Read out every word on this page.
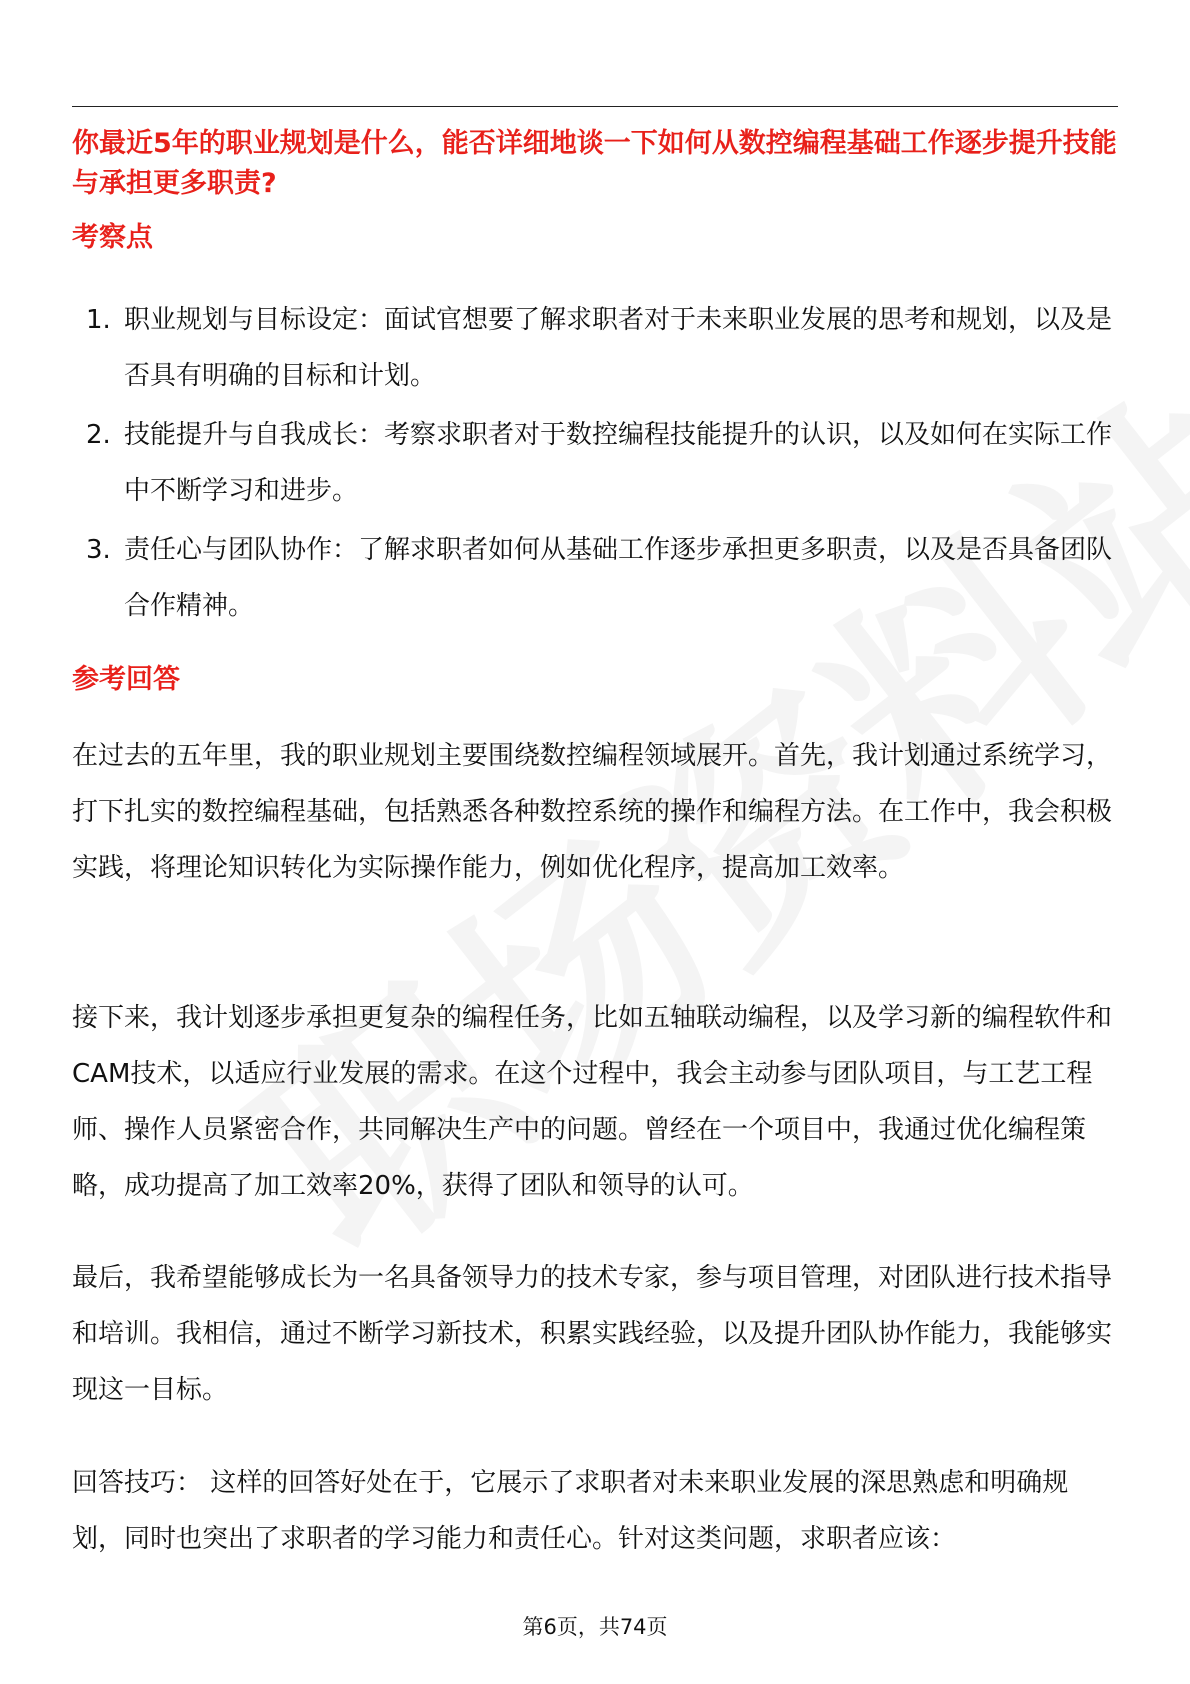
你最近5年的职业规划是什么，能否详细地谈一下如何从数控编程基础工作逐步提升技能与承担更多职责?
考察点
1. 职业规划与目标设定：面试官想要了解求职者对于未来职业发展的思考和规划，以及是否具有明确的目标和计划。
2. 技能提升与自我成长：考察求职者对于数控编程技能提升的认识，以及如何在实际工作中不断学习和进步。
3. 责任心与团队协作：了解求职者如何从基础工作逐步承担更多职责，以及是否具备团队合作精神。
参考回答

在过去的五年里，我的职业规划主要围绕数控编程领域展开。首先，我计划通过系统学习，打下扎实的数控编程基础，包括熟悉各种数控系统的操作和编程方法。在工作中，我会积极实践，将理论知识转化为实际操作能力，例如优化程序，提高加工效率。

接下来，我计划逐步承担更复杂的编程任务，比如五轴联动编程，以及学习新的编程软件和CAM技术，以适应行业发展的需求。在这个过程中，我会主动参与团队项目，与工艺工程师、操作人员紧密合作，共同解决生产中的问题。曾经在一个项目中，我通过优化编程策略，成功提高了加工效率20%，获得了团队和领导的认可。

最后，我希望能够成长为一名具备领导力的技术专家，参与项目管理，对团队进行技术指导和培训。我相信，通过不断学习新技术，积累实践经验，以及提升团队协作能力，我能够实现这一目标。

回答技巧： 这样的回答好处在于，它展示了求职者对未来职业发展的深思熟虑和明确规划，同时也突出了求职者的学习能力和责任心。针对这类问题，求职者应该：

第6页，共74页
